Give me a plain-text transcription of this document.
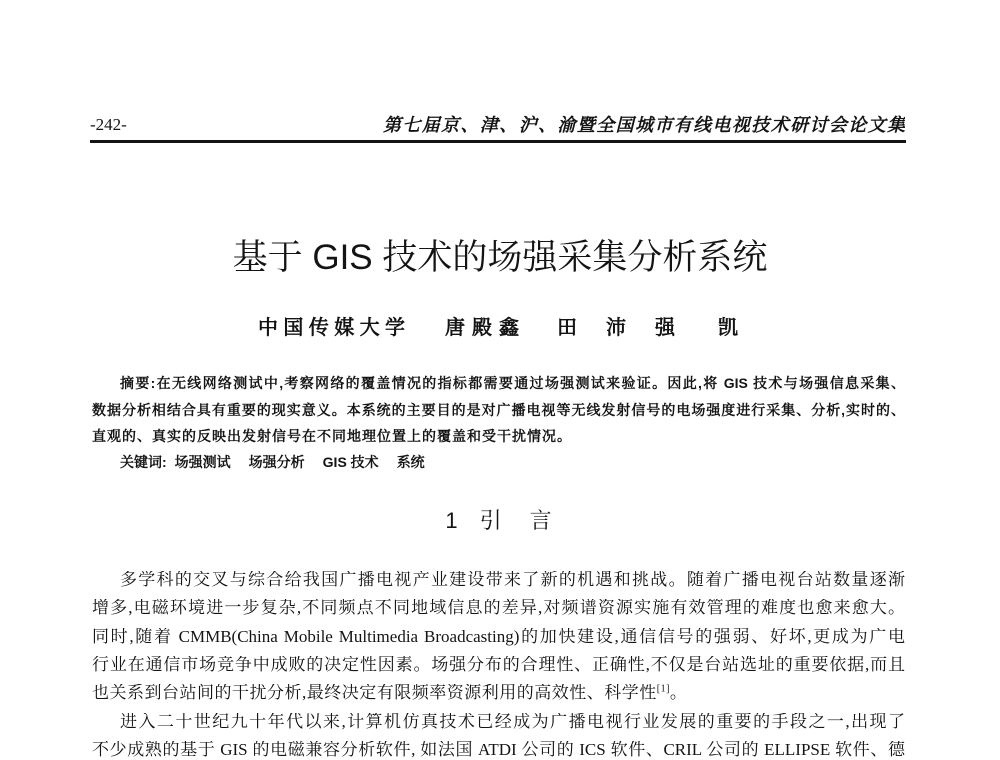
-242-	第七届京、津、沪、渝暨全国城市有线电视技术研讨会论文集
基于 GIS 技术的场强采集分析系统
中国传媒大学 唐殿鑫 田　沛 强　凯
摘要:在无线网络测试中,考察网络的覆盖情况的指标都需要通过场强测试来验证。因此,将 GIS 技术与场强信息采集、
数据分析相结合具有重要的现实意义。本系统的主要目的是对广播电视等无线发射信号的电场强度进行采集、分析,实时的、
直观的、真实的反映出发射信号在不同地理位置上的覆盖和受干扰情况。
关键词: 场强测试 场强分析 GIS 技术 系统
1 引　言
多学科的交叉与综合给我国广播电视产业建设带来了新的机遇和挑战。随着广播电视台站数量逐渐
增多,电磁环境进一步复杂,不同频点不同地域信息的差异,对频谱资源实施有效管理的难度也愈来愈大。
同时,随着 CMMB(China Mobile Multimedia Broadcasting)的加快建设,通信信号的强弱、好坏,更成为广电
行业在通信市场竞争中成败的决定性因素。场强分布的合理性、正确性,不仅是台站选址的重要依据,而且
也关系到台站间的干扰分析,最终决定有限频率资源利用的高效性、科学性[1]。
进入二十世纪九十年代以来,计算机仿真技术已经成为广播电视行业发展的重要的手段之一,出现了
不少成熟的基于 GIS 的电磁兼容分析软件, 如法国 ATDI 公司的 ICS 软件、CRIL 公司的 ELLIPSE 软件、德
